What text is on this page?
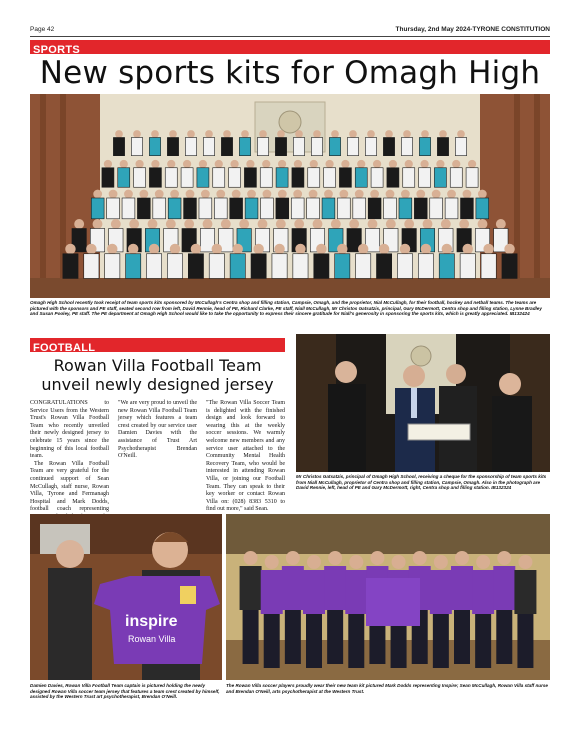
Page 42	Thursday, 2nd May 2024-TYRONE CONSTITUTION
SPORTS
New sports kits for Omagh High
Omagh High School recently took receipt of team sports kits sponsored by McCullagh's Centra shop and filling station, Campsie, Omagh, and the proprietor, Nial McCullagh, for their football, hockey and netball teams. The teams are pictured with the sponsors and PE staff, seated second row from left, David Rennie, head of PE, Richard Clarke, PE staff, Niall McCullagh, Mr Christos Gatsatzis, principal, Gary McDermott, Centra shop and filling station, Lynne Bradley and Susan Pooley, PE staff. The PE department at Omagh High School would like to take the opportunity to express their sincere gratitude for Niall's generosity in sponsoring the sports kits, which is greatly appreciated. IB132424
FOOTBALL
Rowan Villa Football Team
unveil newly designed jersey

CONGRATULATIONS to Service Users from the Western Trust's Rowan Villa Football Team who recently unveiled their newly designed jersey to celebrate 15 years since the beginning of this local football team.

The Rowan Villa Football Team are very grateful for the continued support of Sean McCullagh, staff nurse, Rowan Villa, Tyrone and Fermanagh Hospital and Mark Dodds, football coach representing

"We are very proud to unveil the new Rowan Villa Football Team jersey which features a team crest created by our service user Damien Davies with the assistance of Trust Art Psychotherapist Brendan O'Neill.

"The Rowan Villa Soccer Team is delighted with the finished design and look forward to wearing this at the weekly soccer sessions. We warmly welcome new members and any service user attached to the Community Mental Health Recovery Team, who would be interested in attending Rowan Villa, or joining our Football Team. They can speak to their key worker or contact Rowan Villa on: (028) 8383 5310 to find out more," said Sean.

Mr Christos Gatsatzis, principal of Omagh High School, receiving a cheque for the sponsorship of team sports kits from Niall McCullagh, proprietor of Centra shop and filling station, Campsie, Omagh. Also in the photograph are David Rennie, left, head of PE and Gary McDermott, right, Centra shop and filling station. IB132324
inspire
Rowan Villa
Damien Davies, Rowan Villa Football Team captain is pictured holding the newly designed Rowan Villa soccer team jersey that features a team crest created by himself, assisted by the Western Trust art psychotherapist, Brendan O'Neill.
The Rowan Villa soccer players proudly wear their new team kit pictured Mark Dodds representing Inspire; Sean McCullagh, Rowan Villa staff nurse and Brendan O'Neill, arts psychotherapist at the Western Trust.
